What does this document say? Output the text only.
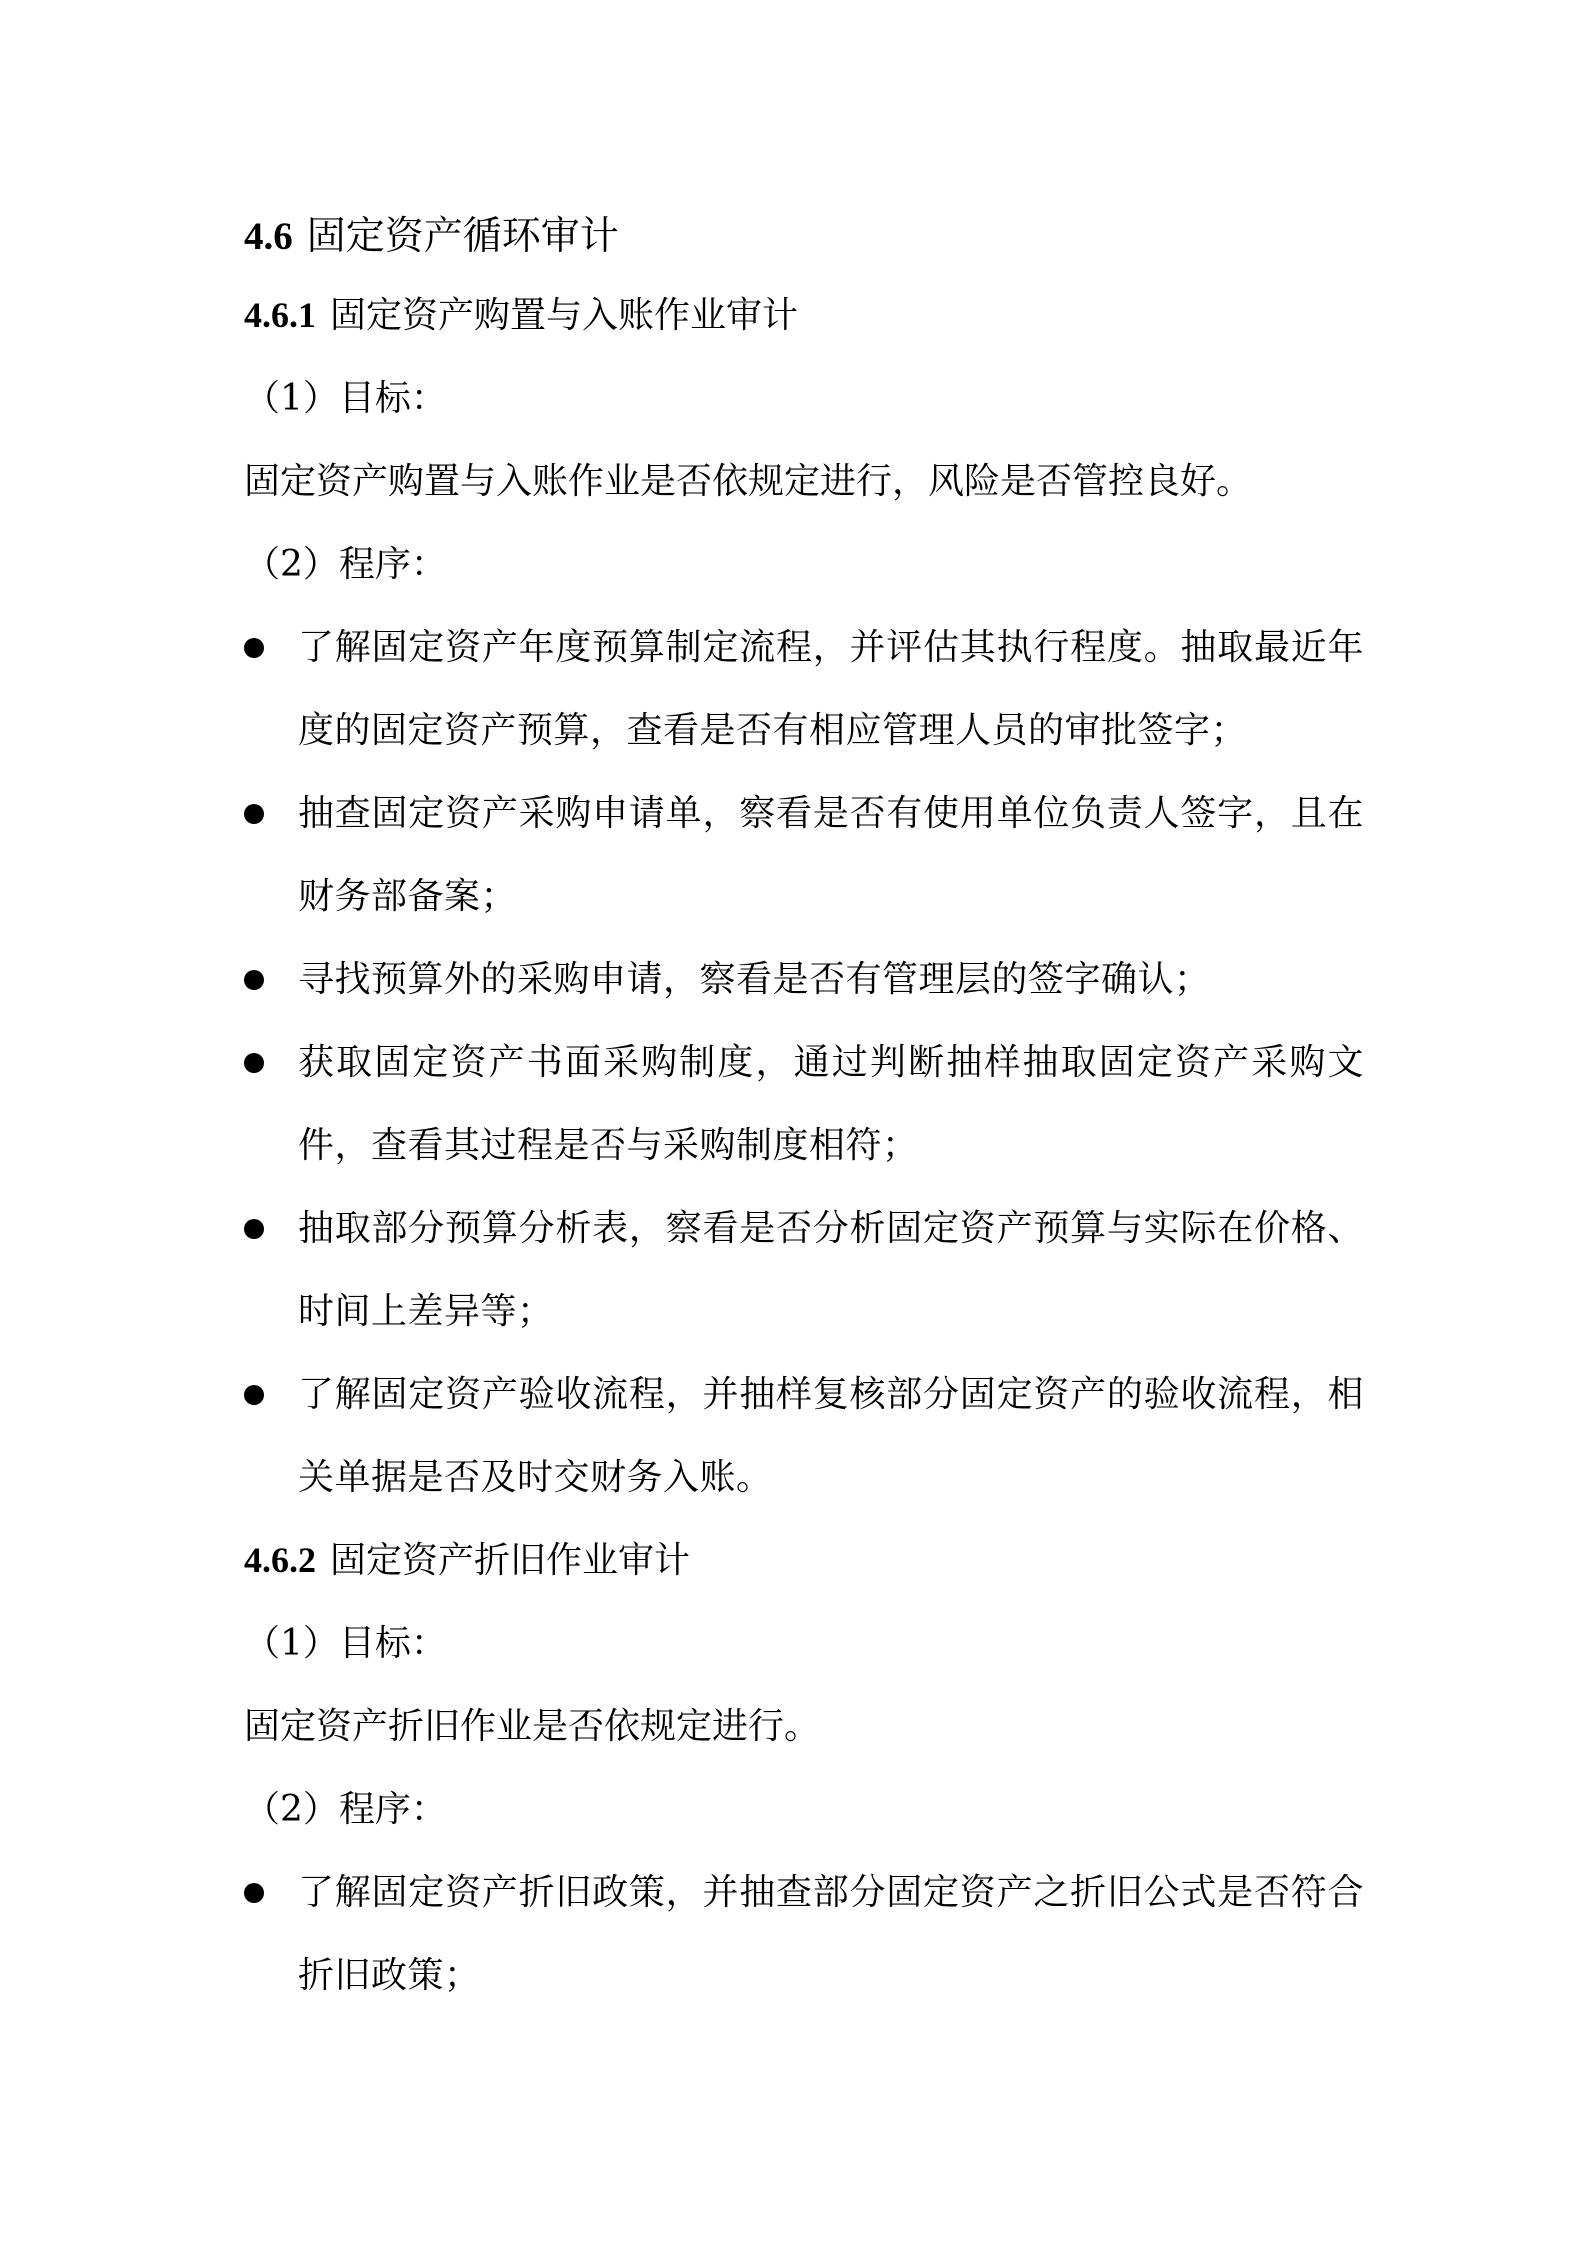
4.6 固定资产循环审计
4.6.1 固定资产购置与入账作业审计

（1）目标：

固定资产购置与入账作业是否依规定进行，风险是否管控良好。

（2）程序：

了解固定资产年度预算制定流程，并评估其执行程度。抽取最近年度的固定资产预算，查看是否有相应管理人员的审批签字；
抽查固定资产采购申请单，察看是否有使用单位负责人签字，且在财务部备案；
寻找预算外的采购申请，察看是否有管理层的签字确认；
获取固定资产书面采购制度，通过判断抽样抽取固定资产采购文件，查看其过程是否与采购制度相符；
抽取部分预算分析表，察看是否分析固定资产预算与实际在价格、时间上差异等；
了解固定资产验收流程，并抽样复核部分固定资产的验收流程，相关单据是否及时交财务入账。
4.6.2 固定资产折旧作业审计

（1）目标：

固定资产折旧作业是否依规定进行。

（2）程序：

了解固定资产折旧政策，并抽查部分固定资产之折旧公式是否符合折旧政策；
